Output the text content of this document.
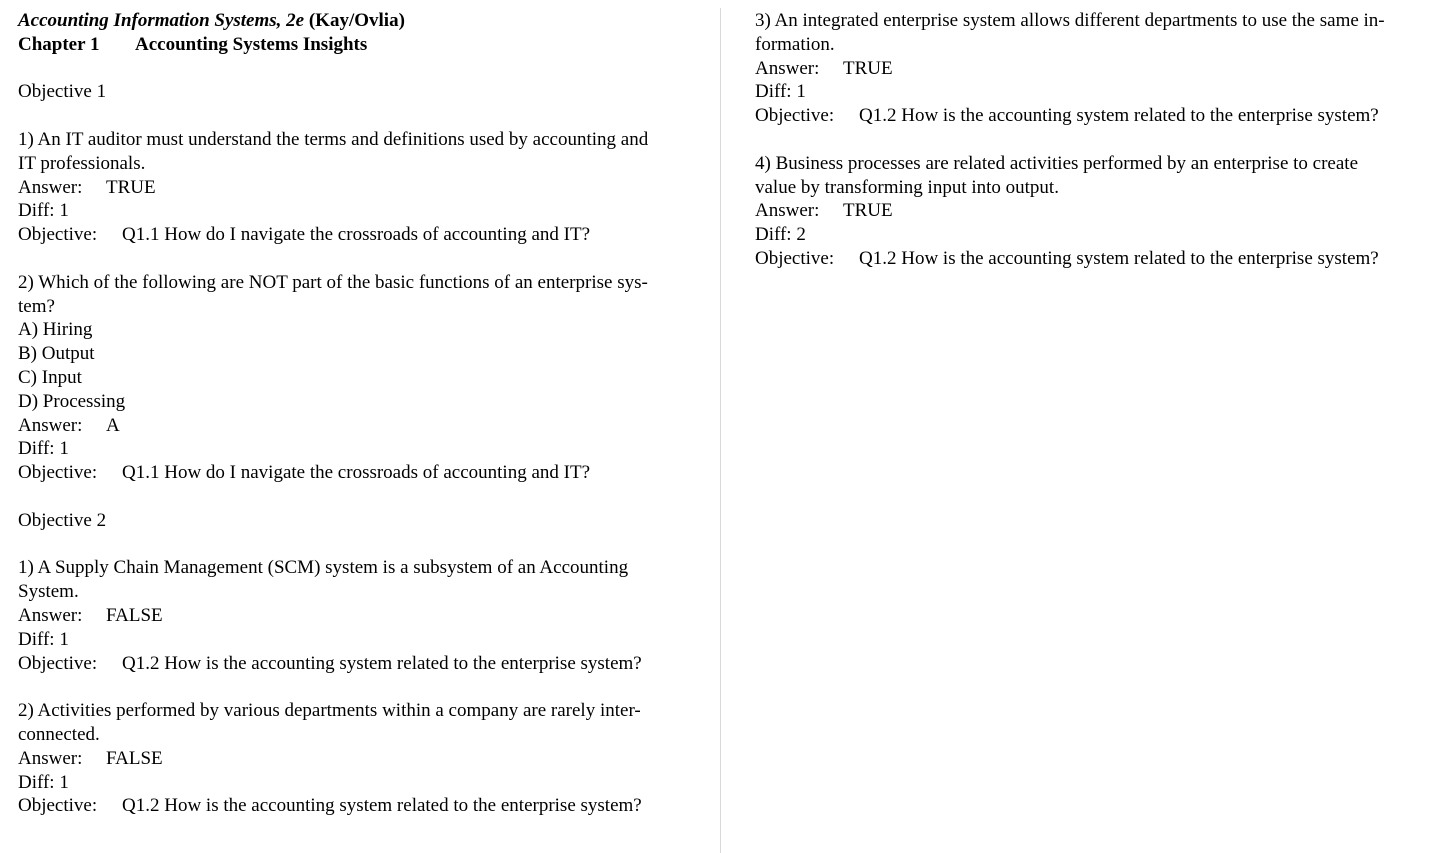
Accounting Information Systems, 2e (Kay/Ovlia)

Chapter 1 Accounting Systems Insights

Objective 1

1) An IT auditor must understand the terms and definitions used by accounting and

IT professionals.

Answer: TRUE

Diff: 1

Objective: Q1.1 How do I navigate the crossroads of accounting and IT?

2) Which of the following are NOT part of the basic functions of an enterprise sys-

tem?

A) Hiring

B) Output

C) Input

D) Processing

Answer: A

Diff: 1

Objective: Q1.1 How do I navigate the crossroads of accounting and IT?

Objective 2

1) A Supply Chain Management (SCM) system is a subsystem of an Accounting

System.

Answer: FALSE

Diff: 1

Objective: Q1.2 How is the accounting system related to the enterprise system?

2) Activities performed by various departments within a company are rarely inter-

connected.

Answer: FALSE

Diff: 1

Objective: Q1.2 How is the accounting system related to the enterprise system?

3) An integrated enterprise system allows different departments to use the same in-

formation.

Answer: TRUE

Diff: 1

Objective: Q1.2 How is the accounting system related to the enterprise system?

4) Business processes are related activities performed by an enterprise to create

value by transforming input into output.

Answer: TRUE

Diff: 2

Objective: Q1.2 How is the accounting system related to the enterprise system?
